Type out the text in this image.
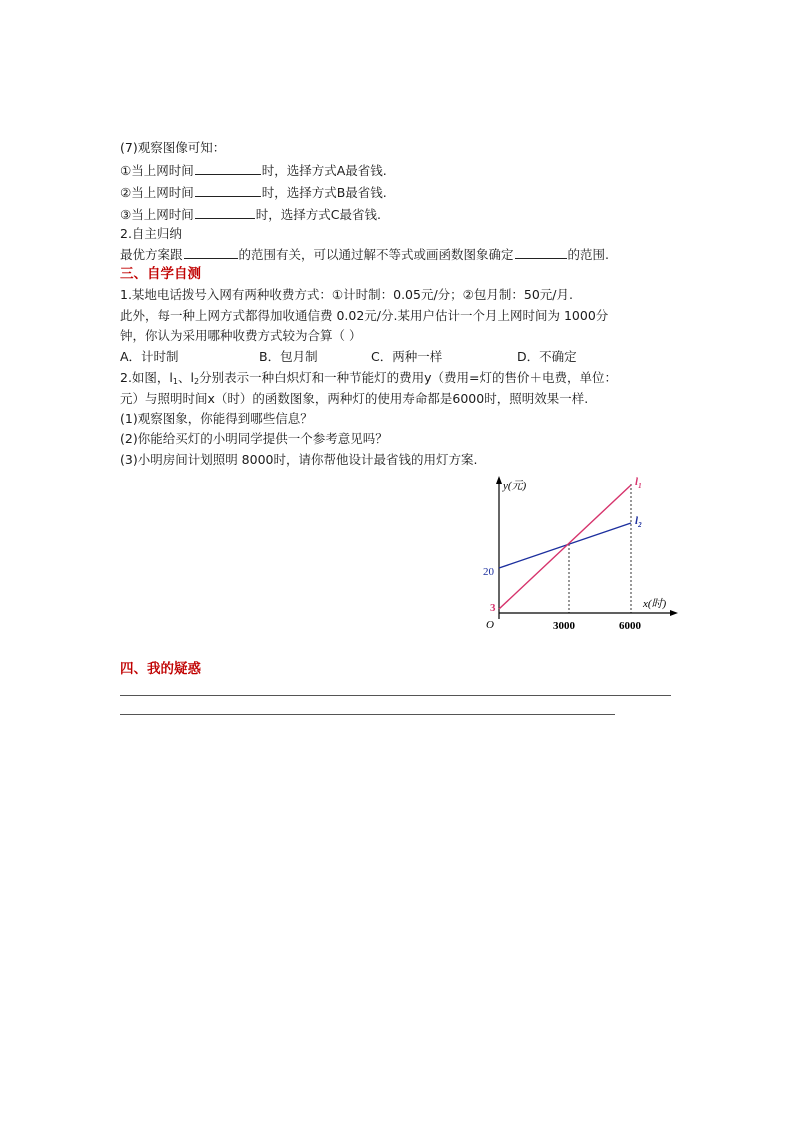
(7)观察图像可知：
①当上网时间	时，选择方式A最省钱.
②当上网时间	时，选择方式B最省钱.
③当上网时间	时，选择方式C最省钱.
2.自主归纳
最优方案跟	的范围有关，可以通过解不等式或画函数图象确定	的范围.
三、自学自测
1.某地电话拨号入网有两种收费方式：①计时制：0.05元/分；②包月制：50元/月.
此外，每一种上网方式都得加收通信费 0.02元/分.某用户估计一个月上网时间为 1000分
钟，你认为采用哪种收费方式较为合算（ ）
A．计时制	B．包月制	C．两种一样	D．不确定
2.如图，$l_1$、$l_2$分别表示一种白炽灯和一种节能灯的费用y（费用=灯的售价＋电费，单位：
元）与照明时间x（时）的函数图象，两种灯的使用寿命都是6000时，照明效果一样.
(1)观察图象，你能得到哪些信息？
(2)你能给买灯的小明同学提供一个参考意见吗？
(3)小明房间计划照明 8000时，请你帮他设计最省钱的用灯方案.
y(元)
x(时)
O
20
3
3000	6000
$l_1$
$l_2$
四、我的疑惑
